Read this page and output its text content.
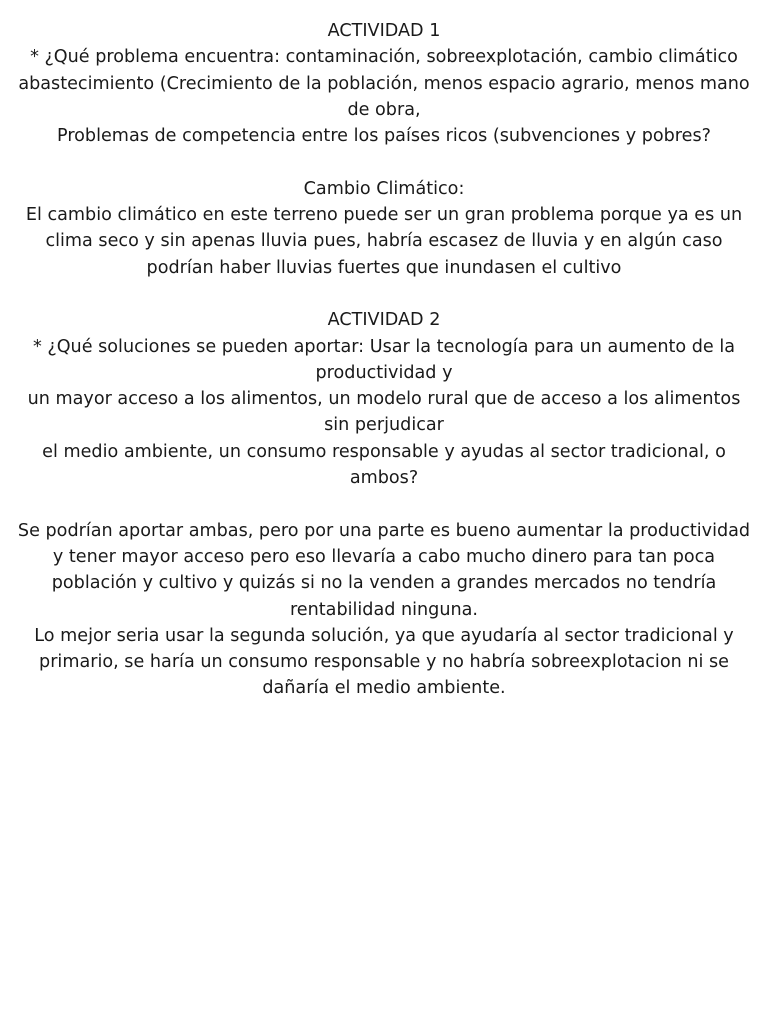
ACTIVIDAD 1
* ¿Qué problema encuentra: contaminación, sobreexplotación, cambio climático
abastecimiento (Crecimiento de la población, menos espacio agrario, menos mano de obra,
Problemas de competencia entre los países ricos (subvenciones y pobres?
Cambio Climático:
El cambio climático en este terreno puede ser un gran problema porque ya es un clima seco y sin apenas lluvia pues, habría escasez de lluvia y en algún caso podrían haber lluvias fuertes que inundasen el cultivo
ACTIVIDAD 2
* ¿Qué soluciones se pueden aportar: Usar la tecnología para un aumento de la productividad y
un mayor acceso a los alimentos, un modelo rural que de acceso a los alimentos sin perjudicar
el medio ambiente, un consumo responsable y ayudas al sector tradicional, o ambos?
Se podrían aportar ambas, pero por una parte es bueno aumentar la productividad y tener mayor acceso pero eso llevaría a cabo mucho dinero para tan poca población y cultivo y quizás si no la venden a grandes mercados no tendría rentabilidad ninguna.
Lo mejor seria usar la segunda solución, ya que ayudaría al sector tradicional y primario, se haría un consumo responsable y no habría sobreexplotacion ni se dañaría el medio ambiente.
